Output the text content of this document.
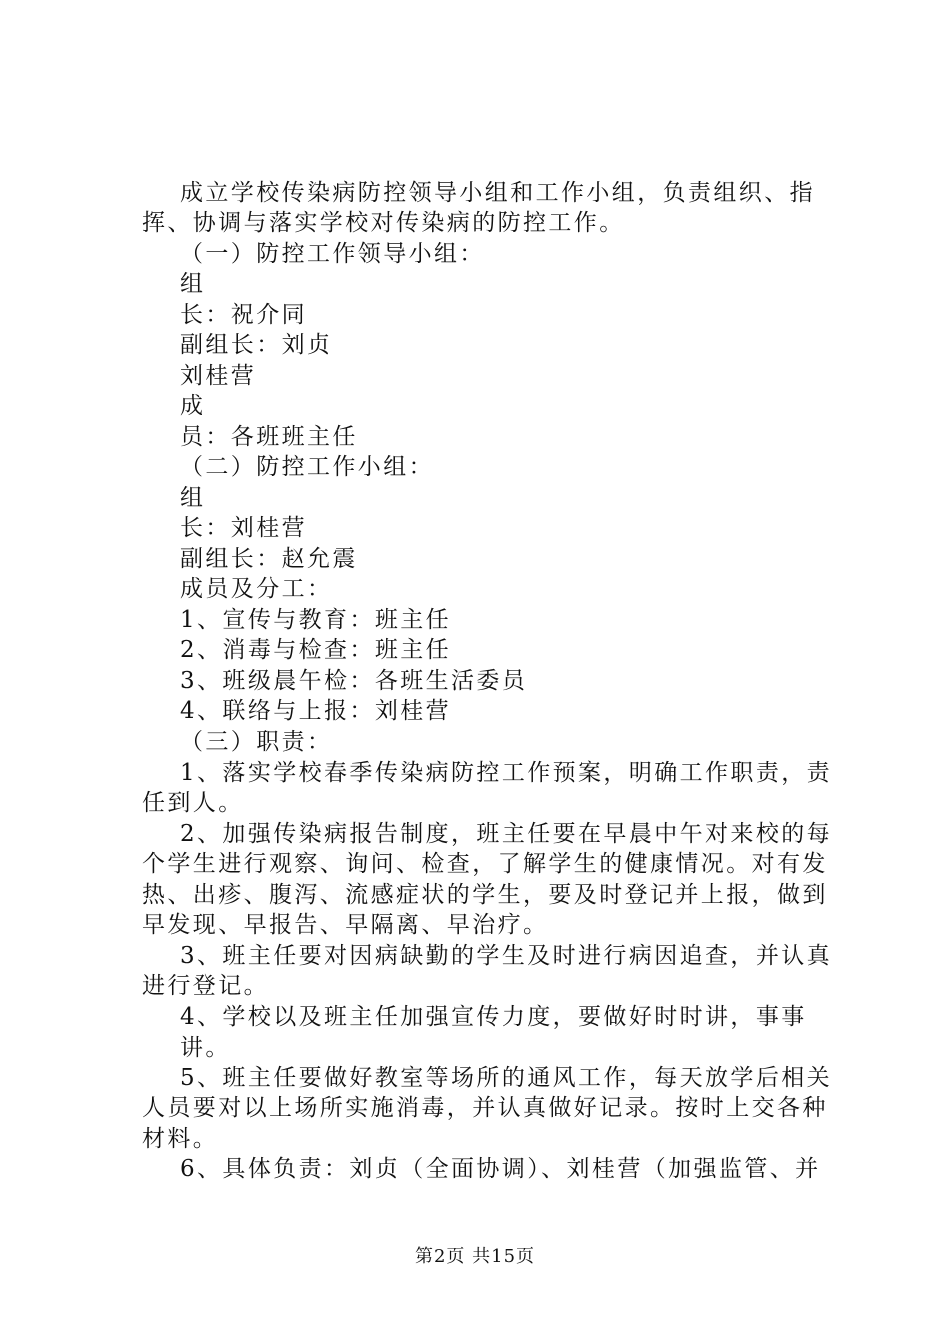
成立学校传染病防控领导小组和工作小组，负责组织、指
挥、协调与落实学校对传染病的防控工作。
（一）防控工作领导小组：
组
长：祝介同
副组长：刘贞
刘桂营
成
员：各班班主任
（二）防控工作小组：
组
长：刘桂营
副组长：赵允震
成员及分工：
1、宣传与教育：班主任
2、消毒与检查：班主任
3、班级晨午检：各班生活委员
4、联络与上报：刘桂营
（三）职责：
1、落实学校春季传染病防控工作预案，明确工作职责，责
任到人。
2、加强传染病报告制度，班主任要在早晨中午对来校的每
个学生进行观察、询问、检查，了解学生的健康情况。对有发
热、出疹、腹泻、流感症状的学生，要及时登记并上报，做到
早发现、早报告、早隔离、早治疗。
3、班主任要对因病缺勤的学生及时进行病因追查，并认真
进行登记。
4、学校以及班主任加强宣传力度，要做好时时讲，事事讲。
5、班主任要做好教室等场所的通风工作，每天放学后相关
人员要对以上场所实施消毒，并认真做好记录。按时上交各种
材料。
6、具体负责：刘贞（全面协调）、刘桂营（加强监管、并
第2页 共15页
